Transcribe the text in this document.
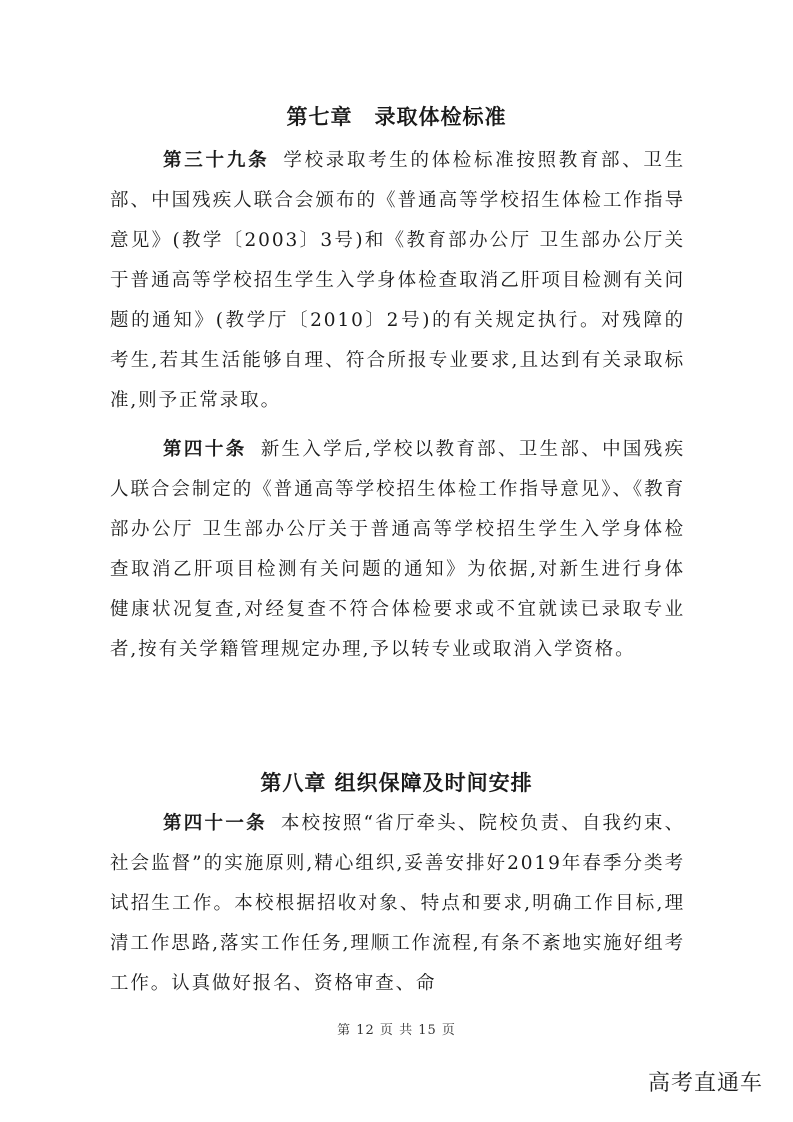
第七章 录取体检标准

第三十九条 学校录取考生的体检标准按照教育部、卫生部、中国残疾人联合会颁布的《普通高等学校招生体检工作指导意见》(教学〔2003〕3号)和《教育部办公厅 卫生部办公厅关于普通高等学校招生学生入学身体检查取消乙肝项目检测有关问题的通知》(教学厅〔2010〕2号)的有关规定执行。对残障的考生,若其生活能够自理、符合所报专业要求,且达到有关录取标准,则予正常录取。

第四十条 新生入学后,学校以教育部、卫生部、中国残疾人联合会制定的《普通高等学校招生体检工作指导意见》、《教育部办公厅 卫生部办公厅关于普通高等学校招生学生入学身体检查取消乙肝项目检测有关问题的通知》为依据,对新生进行身体健康状况复查,对经复查不符合体检要求或不宜就读已录取专业者,按有关学籍管理规定办理,予以转专业或取消入学资格。

第八章 组织保障及时间安排

第四十一条 本校按照“省厅牵头、院校负责、自我约束、社会监督”的实施原则,精心组织,妥善安排好2019年春季分类考试招生工作。本校根据招收对象、特点和要求,明确工作目标,理清工作思路,落实工作任务,理顺工作流程,有条不紊地实施好组考工作。认真做好报名、资格审查、命

第 12 页 共 15 页
高考直通车
